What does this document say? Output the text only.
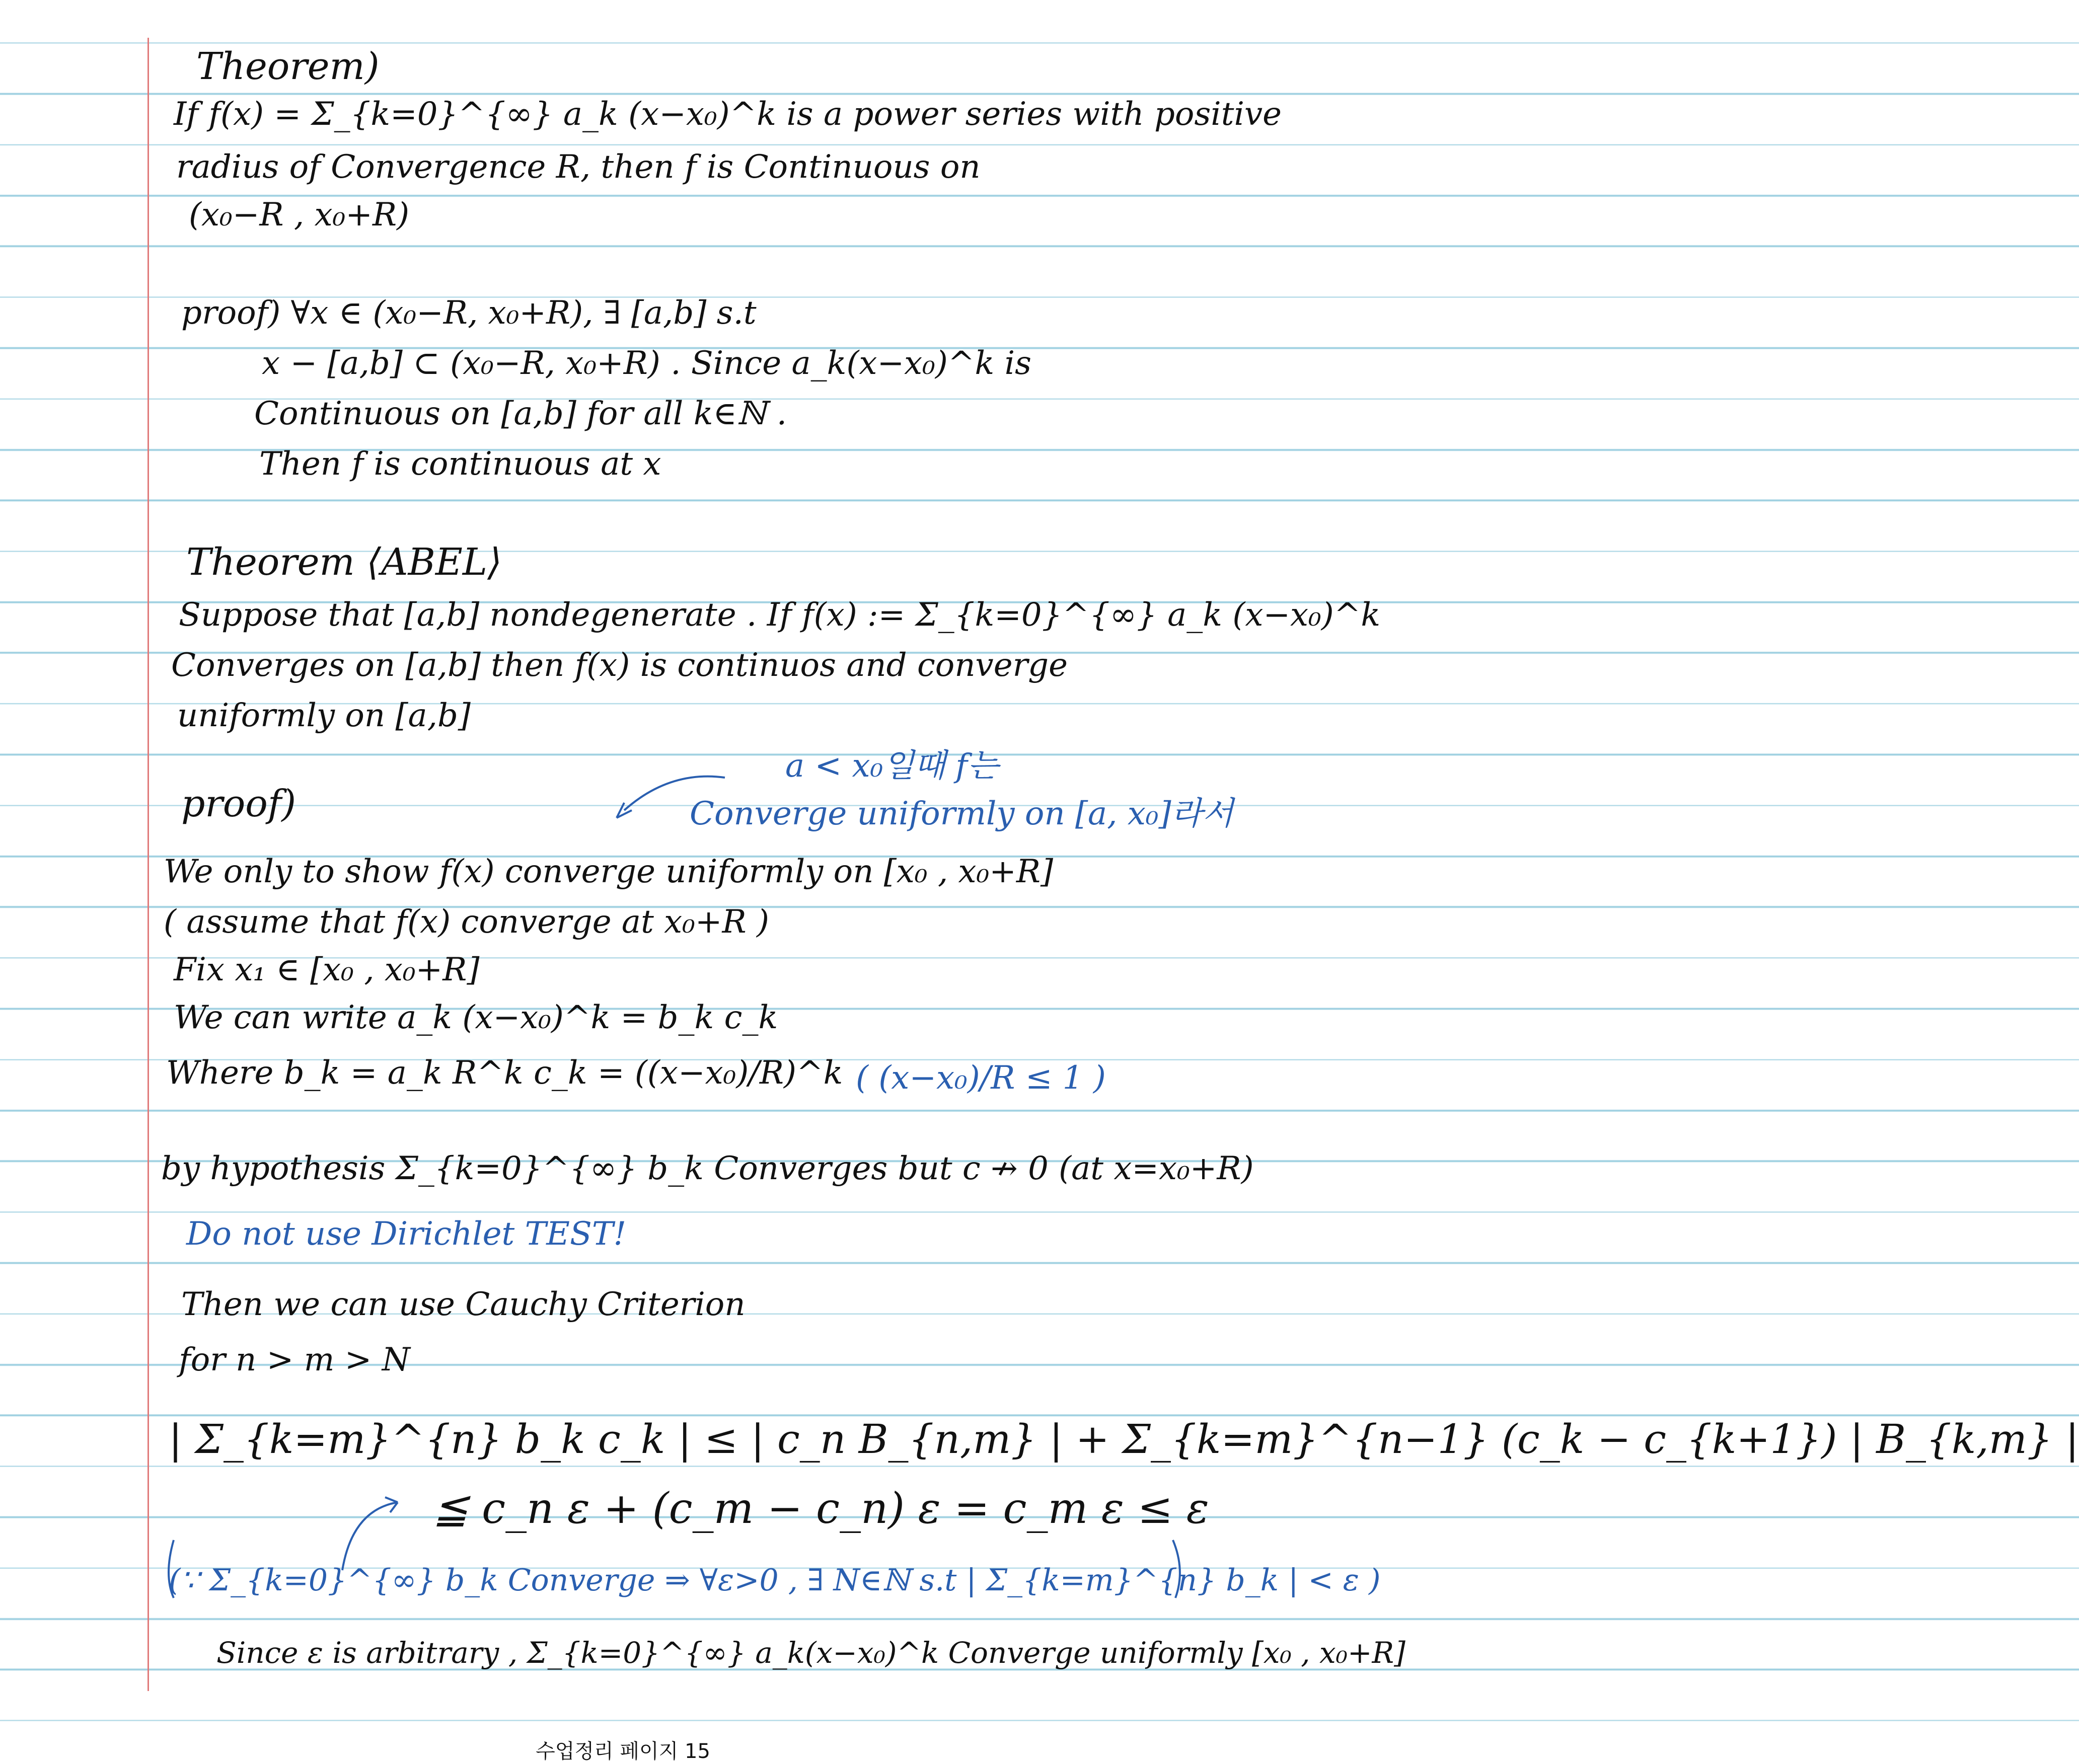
Theorem)
If f(x) = Σ_{k=0}^{∞} a_k (x−x₀)^k is a power series with positive
radius of Convergence R, then f is Continuous on
(x₀−R , x₀+R)
proof) ∀x ∈ (x₀−R, x₀+R), ∃ [a,b] s.t
x − [a,b] ⊂ (x₀−R, x₀+R) . Since a_k(x−x₀)^k is
Continuous on [a,b] for all k∈ℕ .
Then f is continuous at x
Theorem ⟨ABEL⟩
Suppose that [a,b] nondegenerate . If f(x) := Σ_{k=0}^{∞} a_k (x−x₀)^k
Converges on [a,b] then f(x) is continuos and converge
uniformly on [a,b]
proof)
a < x₀일때 f는
Converge uniformly on [a, x₀]라서
We only to show f(x) converge uniformly on [x₀ , x₀+R]
( assume that f(x) converge at x₀+R )
Fix x₁ ∈ [x₀ , x₀+R]
We can write a_k (x−x₀)^k = b_k c_k
Where b_k = a_k R^k c_k = ((x−x₀)/R)^k ( (x−x₀)/R ≤ 1 )
by hypothesis Σ_{k=0}^{∞} b_k Converges but c ↛ 0 (at x=x₀+R)
Do not use Dirichlet TEST!
Then we can use Cauchy Criterion
for n > m > N
| Σ_{k=m}^{n} b_k c_k | ≤ | c_n B_{n,m} | + Σ_{k=m}^{n−1} (c_k − c_{k+1}) | B_{k,m} |
≦ c_n ε + (c_m − c_n) ε = c_m ε ≤ ε
(∵ Σ_{k=0}^{∞} b_k Converge ⇒ ∀ε>0 , ∃ N∈ℕ s.t | Σ_{k=m}^{n} b_k | < ε )
Since ε is arbitrary , Σ_{k=0}^{∞} a_k(x−x₀)^k Converge uniformly [x₀ , x₀+R]
수업정리 페이지 15
